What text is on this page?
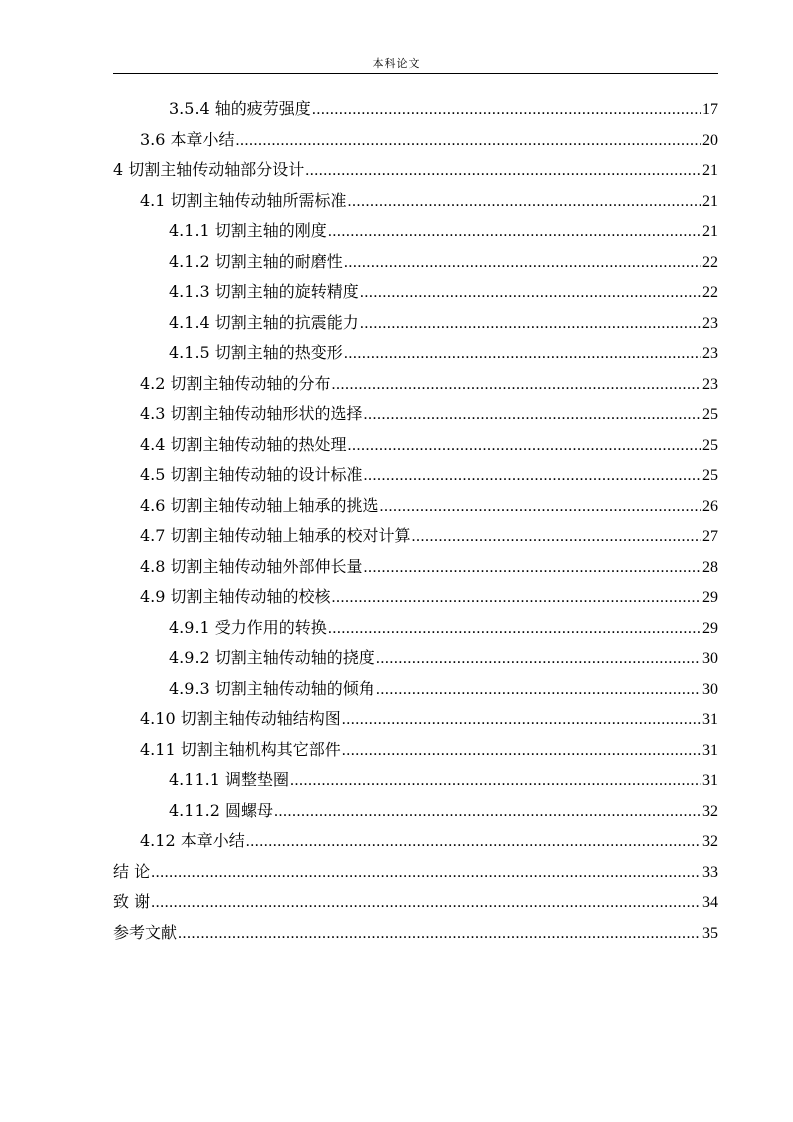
本科论文
3.5.4 轴的疲劳强度 .....	17
3.6 本章小结 .....	20
4 切割主轴传动轴部分设计 .....	21
4.1 切割主轴传动轴所需标准 .....	21
4.1.1 切割主轴的刚度 .....	21
4.1.2 切割主轴的耐磨性 .....	22
4.1.3 切割主轴的旋转精度 .....	22
4.1.4 切割主轴的抗震能力 .....	23
4.1.5 切割主轴的热变形 .....	23
4.2 切割主轴传动轴的分布 .....	23
4.3 切割主轴传动轴形状的选择 .....	25
4.4 切割主轴传动轴的热处理 .....	25
4.5 切割主轴传动轴的设计标准 .....	25
4.6 切割主轴传动轴上轴承的挑选 .....	26
4.7 切割主轴传动轴上轴承的校对计算 .....	27
4.8 切割主轴传动轴外部伸长量 .....	28
4.9 切割主轴传动轴的校核 .....	29
4.9.1 受力作用的转换 .....	29
4.9.2 切割主轴传动轴的挠度 .....	30
4.9.3 切割主轴传动轴的倾角 .....	30
4.10 切割主轴传动轴结构图 .....	31
4.11 切割主轴机构其它部件 .....	31
4.11.1 调整垫圈 .....	31
4.11.2 圆螺母 .....	32
4.12 本章小结 .....	32
结 论 .....	33
致 谢 .....	34
参考文献 .....	35
